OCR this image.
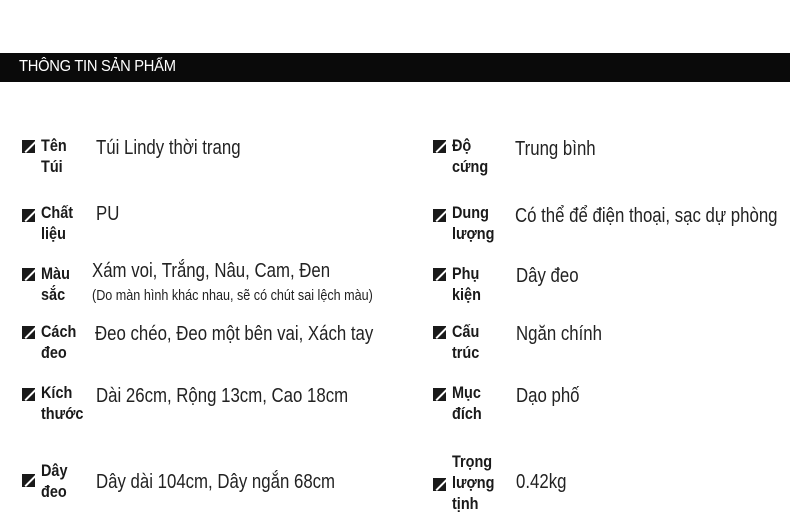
THÔNG TIN SẢN PHẨM
Tên
Túi
Túi Lindy thời trang
Chất
liệu
PU
Màu
sắc
Xám voi, Trắng, Nâu, Cam, Đen
(Do màn hình khác nhau, sẽ có chút sai lệch màu)
Cách
đeo
Đeo chéo, Đeo một bên vai, Xách tay
Kích
thước
Dài 26cm, Rộng 13cm, Cao 18cm
Dây
đeo Dây dài 104cm, Dây ngắn 68cm
Độ
cứng
Trung bình
Dung
lượng
Có thể để điện thoại, sạc dự phòng
Phụ
kiện
Dây đeo
Cấu
trúc
Ngăn chính
Mục
đích
Dạo phố
Trọng
lượng
tịnh
0.42kg
